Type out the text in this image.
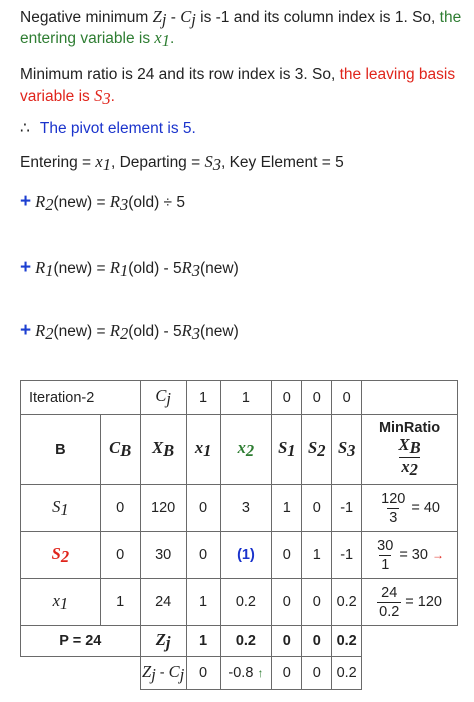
Negative minimum $Z_j - C_j$ is -1 and its column index is 1. So, the
entering variable is $x_1$.
Minimum ratio is 24 and its row index is 3. So, the leaving basis
variable is $S_3$.
∴ The pivot element is 5.
Entering = $x_1$, Departing = $S_3$, Key Element = 5
+ $R_2(new) = R_3(old) \div 5$
+ $R_1(new) = R_1(old) - 5R_3(new)$
+ $R_2(new) = R_2(old) - 5R_3(new)$
Iteration-2		$C_j$	1	1	0	0	0	
B	$C_B$	$X_B$	$x_1$	$x_2$	$S_1$	$S_2$	$S_3$	MinRatio
$\frac{X_B}{x_2}$

$S_1$	0	120	0	3	1	0	-1	$\frac{120}{3} = 40$

$S_2$	0	30	0	(1)	0	1	-1	$\frac{30}{1} = 30$ →

$x_1$	1	24	1	0.2	0	0	0.2	$\frac{24}{0.2} = 120$

P = 24		$Z_j$	1	0.2	0	0	0.2	
		$Z_j - C_j$	0	-0.8 ↑	0	0	0.2	
